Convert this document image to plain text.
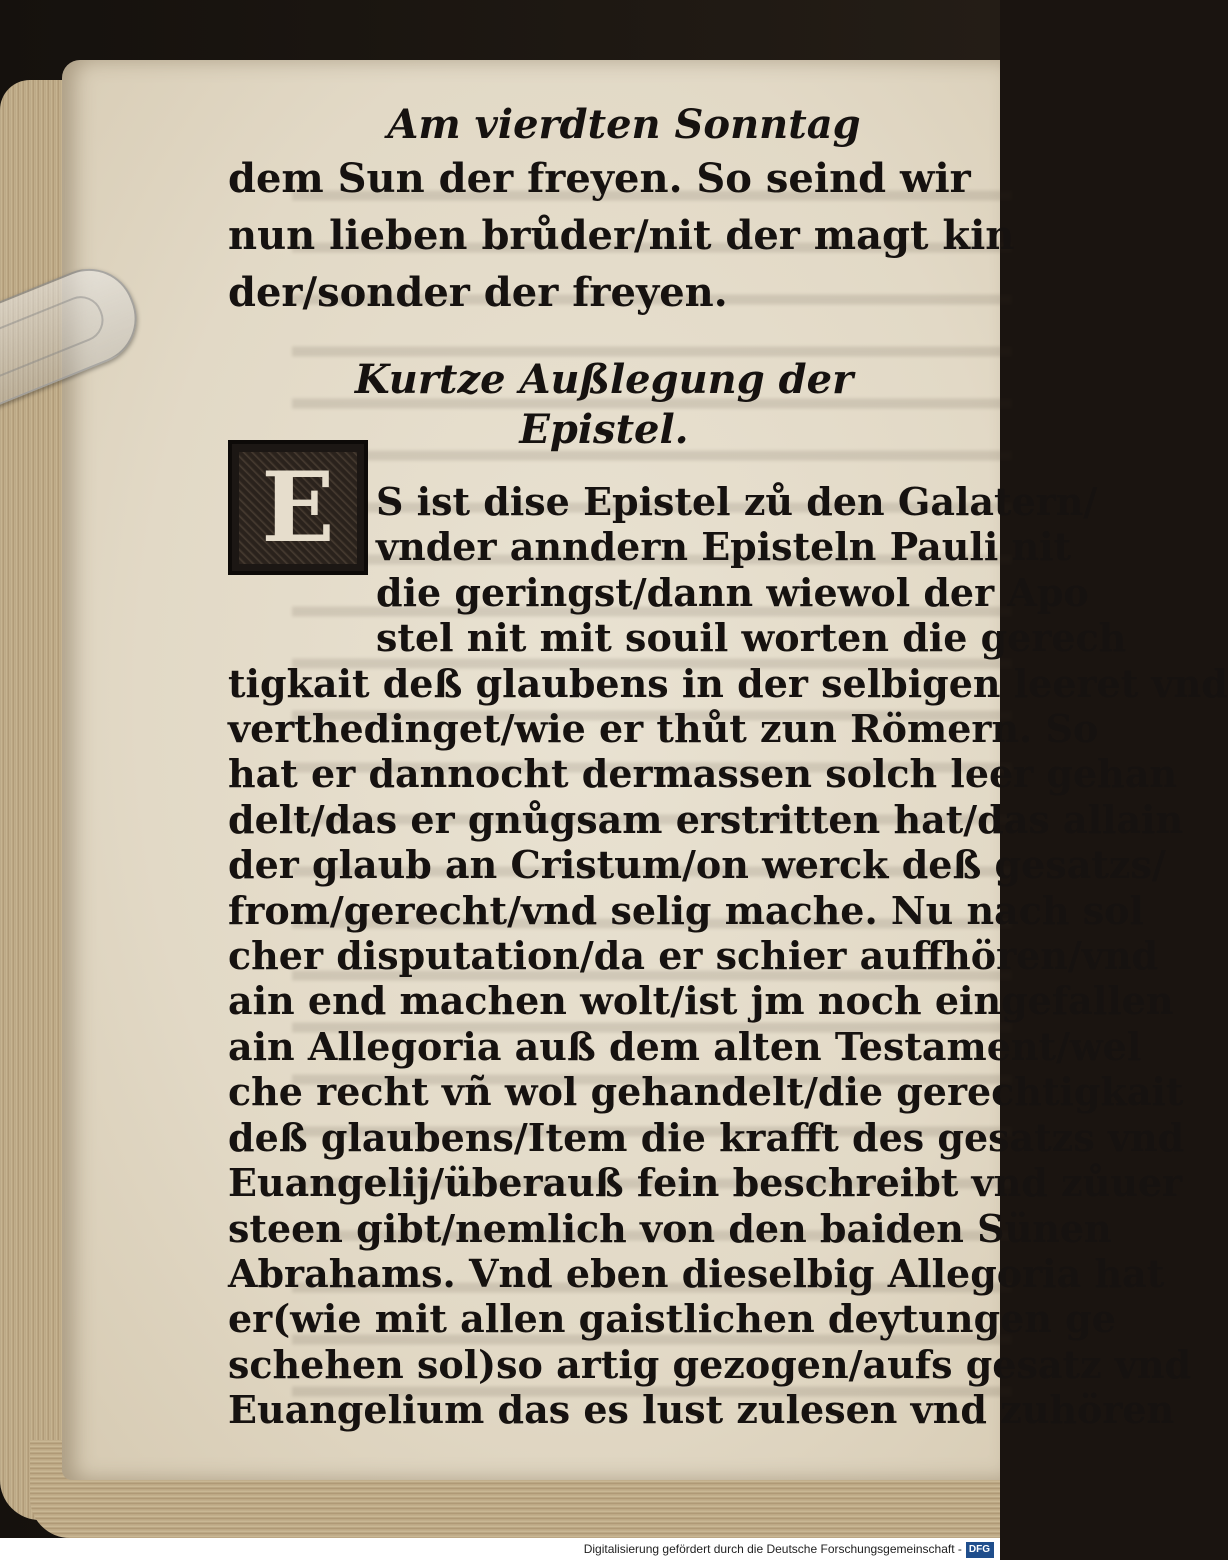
Am vierdten Sonntag
dem Sun der freyen. So seind wir
nun lieben brůder/nit der magt kin
der/sonder der freyen.
Kurtze Außlegung der Epistel.
E	S ist dise Epistel zů den Galatern/
vnder anndern Episteln Pauli nit
die geringst/dann wiewol der Apo
stel nit mit souil worten die gerech
tigkait deß glaubens in der selbigen leeret vnd
verthedinget/wie er thůt zun Römern. So
hat er dannocht dermassen solch leer gehan
delt/das er gnůgsam erstritten hat/das allain
der glaub an Cristum/on werck deß gesatzs/
from/gerecht/vnd selig mache. Nu nach sol
cher disputation/da er schier auffhören/vnd
ain end machen wolt/ist jm noch eingefallen
ain Allegoria auß dem alten Testament/wel
che recht vñ wol gehandelt/die gerechtigkait
deß glaubens/Item die krafft des gesatzs vnd
Euangelij/überauß fein beschreibt vnd zůuer
steen gibt/nemlich von den baiden Sünen
Abrahams. Vnd eben dieselbig Allegoria hat
er(wie mit allen gaistlichen deytungen ge
schehen sol)so artig gezogen/aufs gesatz vnd
Euangelium das es lust zulesen vnd zuhören
Digitalisierung gefördert durch die Deutsche Forschungsgemeinschaft - DFG
